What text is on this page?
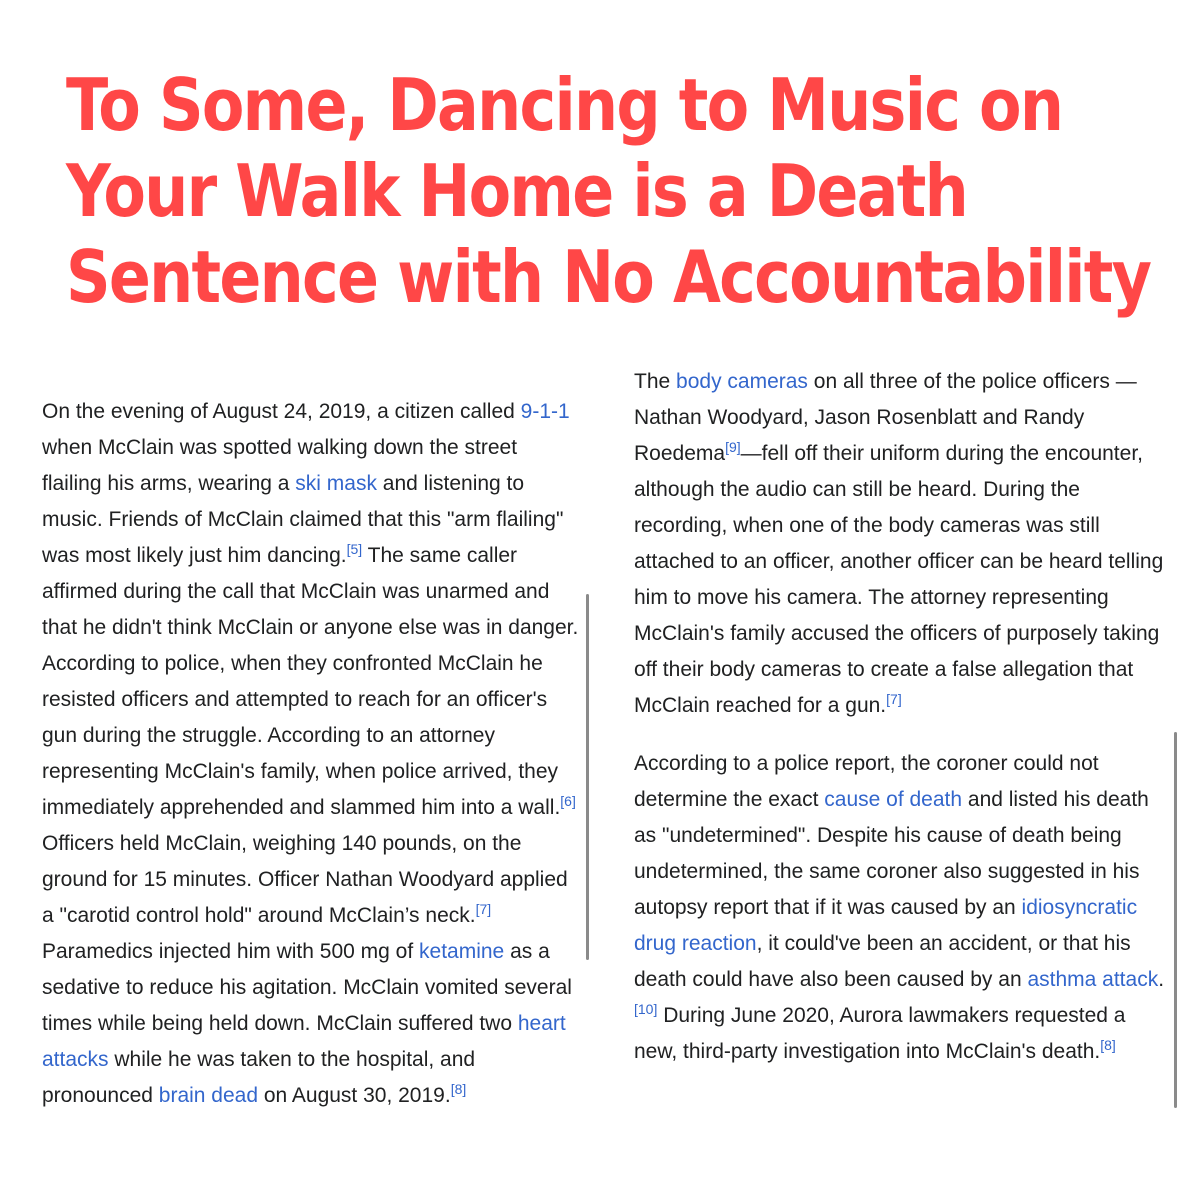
To Some, Dancing to Music on
Your Walk Home is a Death
Sentence with No Accountability

On the evening of August 24, 2019, a citizen called 9-1-1 when McClain was spotted walking down the street flailing his arms, wearing a ski mask and listening to music. Friends of McClain claimed that this "arm flailing" was most likely just him dancing.[5] The same caller affirmed during the call that McClain was unarmed and that he didn't think McClain or anyone else was in danger. According to police, when they confronted McClain he resisted officers and attempted to reach for an officer's gun during the struggle. According to an attorney representing McClain's family, when police arrived, they immediately apprehended and slammed him into a wall.[6] Officers held McClain, weighing 140 pounds, on the ground for 15 minutes. Officer Nathan Woodyard applied a "carotid control hold" around McClain’s neck.[7] Paramedics injected him with 500 mg of ketamine as a sedative to reduce his agitation. McClain vomited several times while being held down. McClain suffered two heart attacks while he was taken to the hospital, and pronounced brain dead on August 30, 2019.[8]

The body cameras on all three of the police officers —Nathan Woodyard, Jason Rosenblatt and Randy Roedema[9]—fell off their uniform during the encounter, although the audio can still be heard. During the recording, when one of the body cameras was still attached to an officer, another officer can be heard telling him to move his camera. The attorney representing McClain's family accused the officers of purposely taking off their body cameras to create a false allegation that McClain reached for a gun.[7]

According to a police report, the coroner could not determine the exact cause of death and listed his death as "undetermined". Despite his cause of death being undetermined, the same coroner also suggested in his autopsy report that if it was caused by an idiosyncratic drug reaction, it could've been an accident, or that his death could have also been caused by an asthma attack.[10] During June 2020, Aurora lawmakers requested a new, third-party investigation into McClain's death.[8]
